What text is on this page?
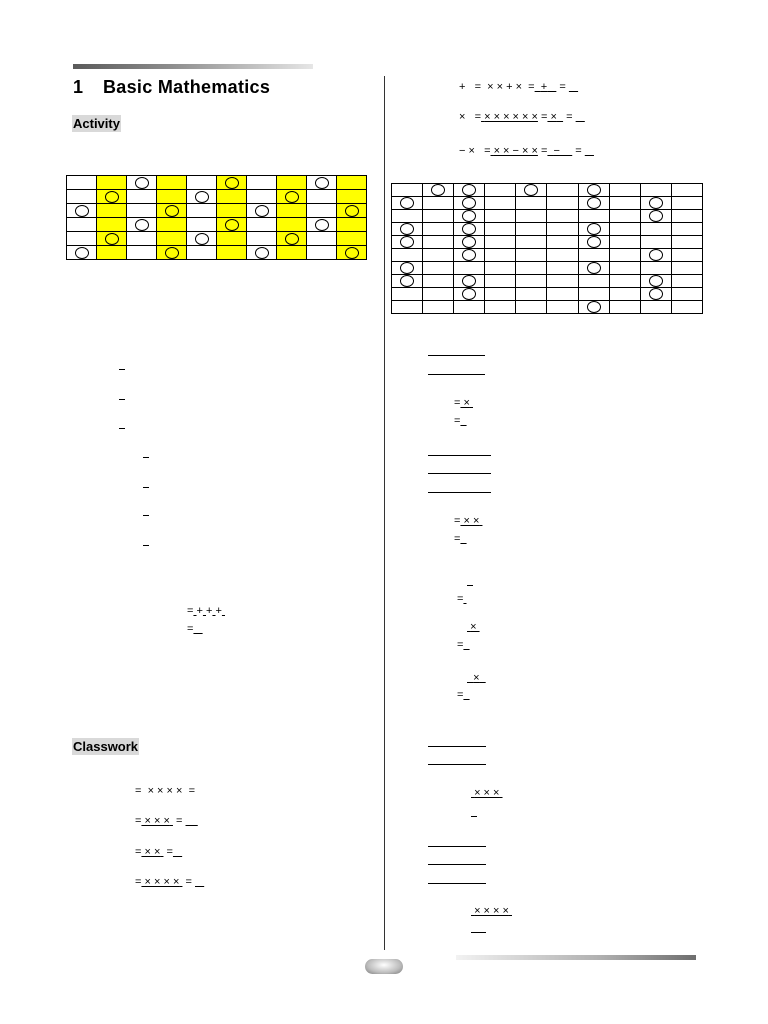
1 Basic Mathematics
Activity
Classwork

= + + +
=
= × × × × =
= × × × =
= × × =
= × × × × =
+ = × × + × = + =
× = × × × × × × = × =
− × = × × − × × = − =
= ×
=
= × ×
=
=
×
=
×
=
× × ×
× × × ×
